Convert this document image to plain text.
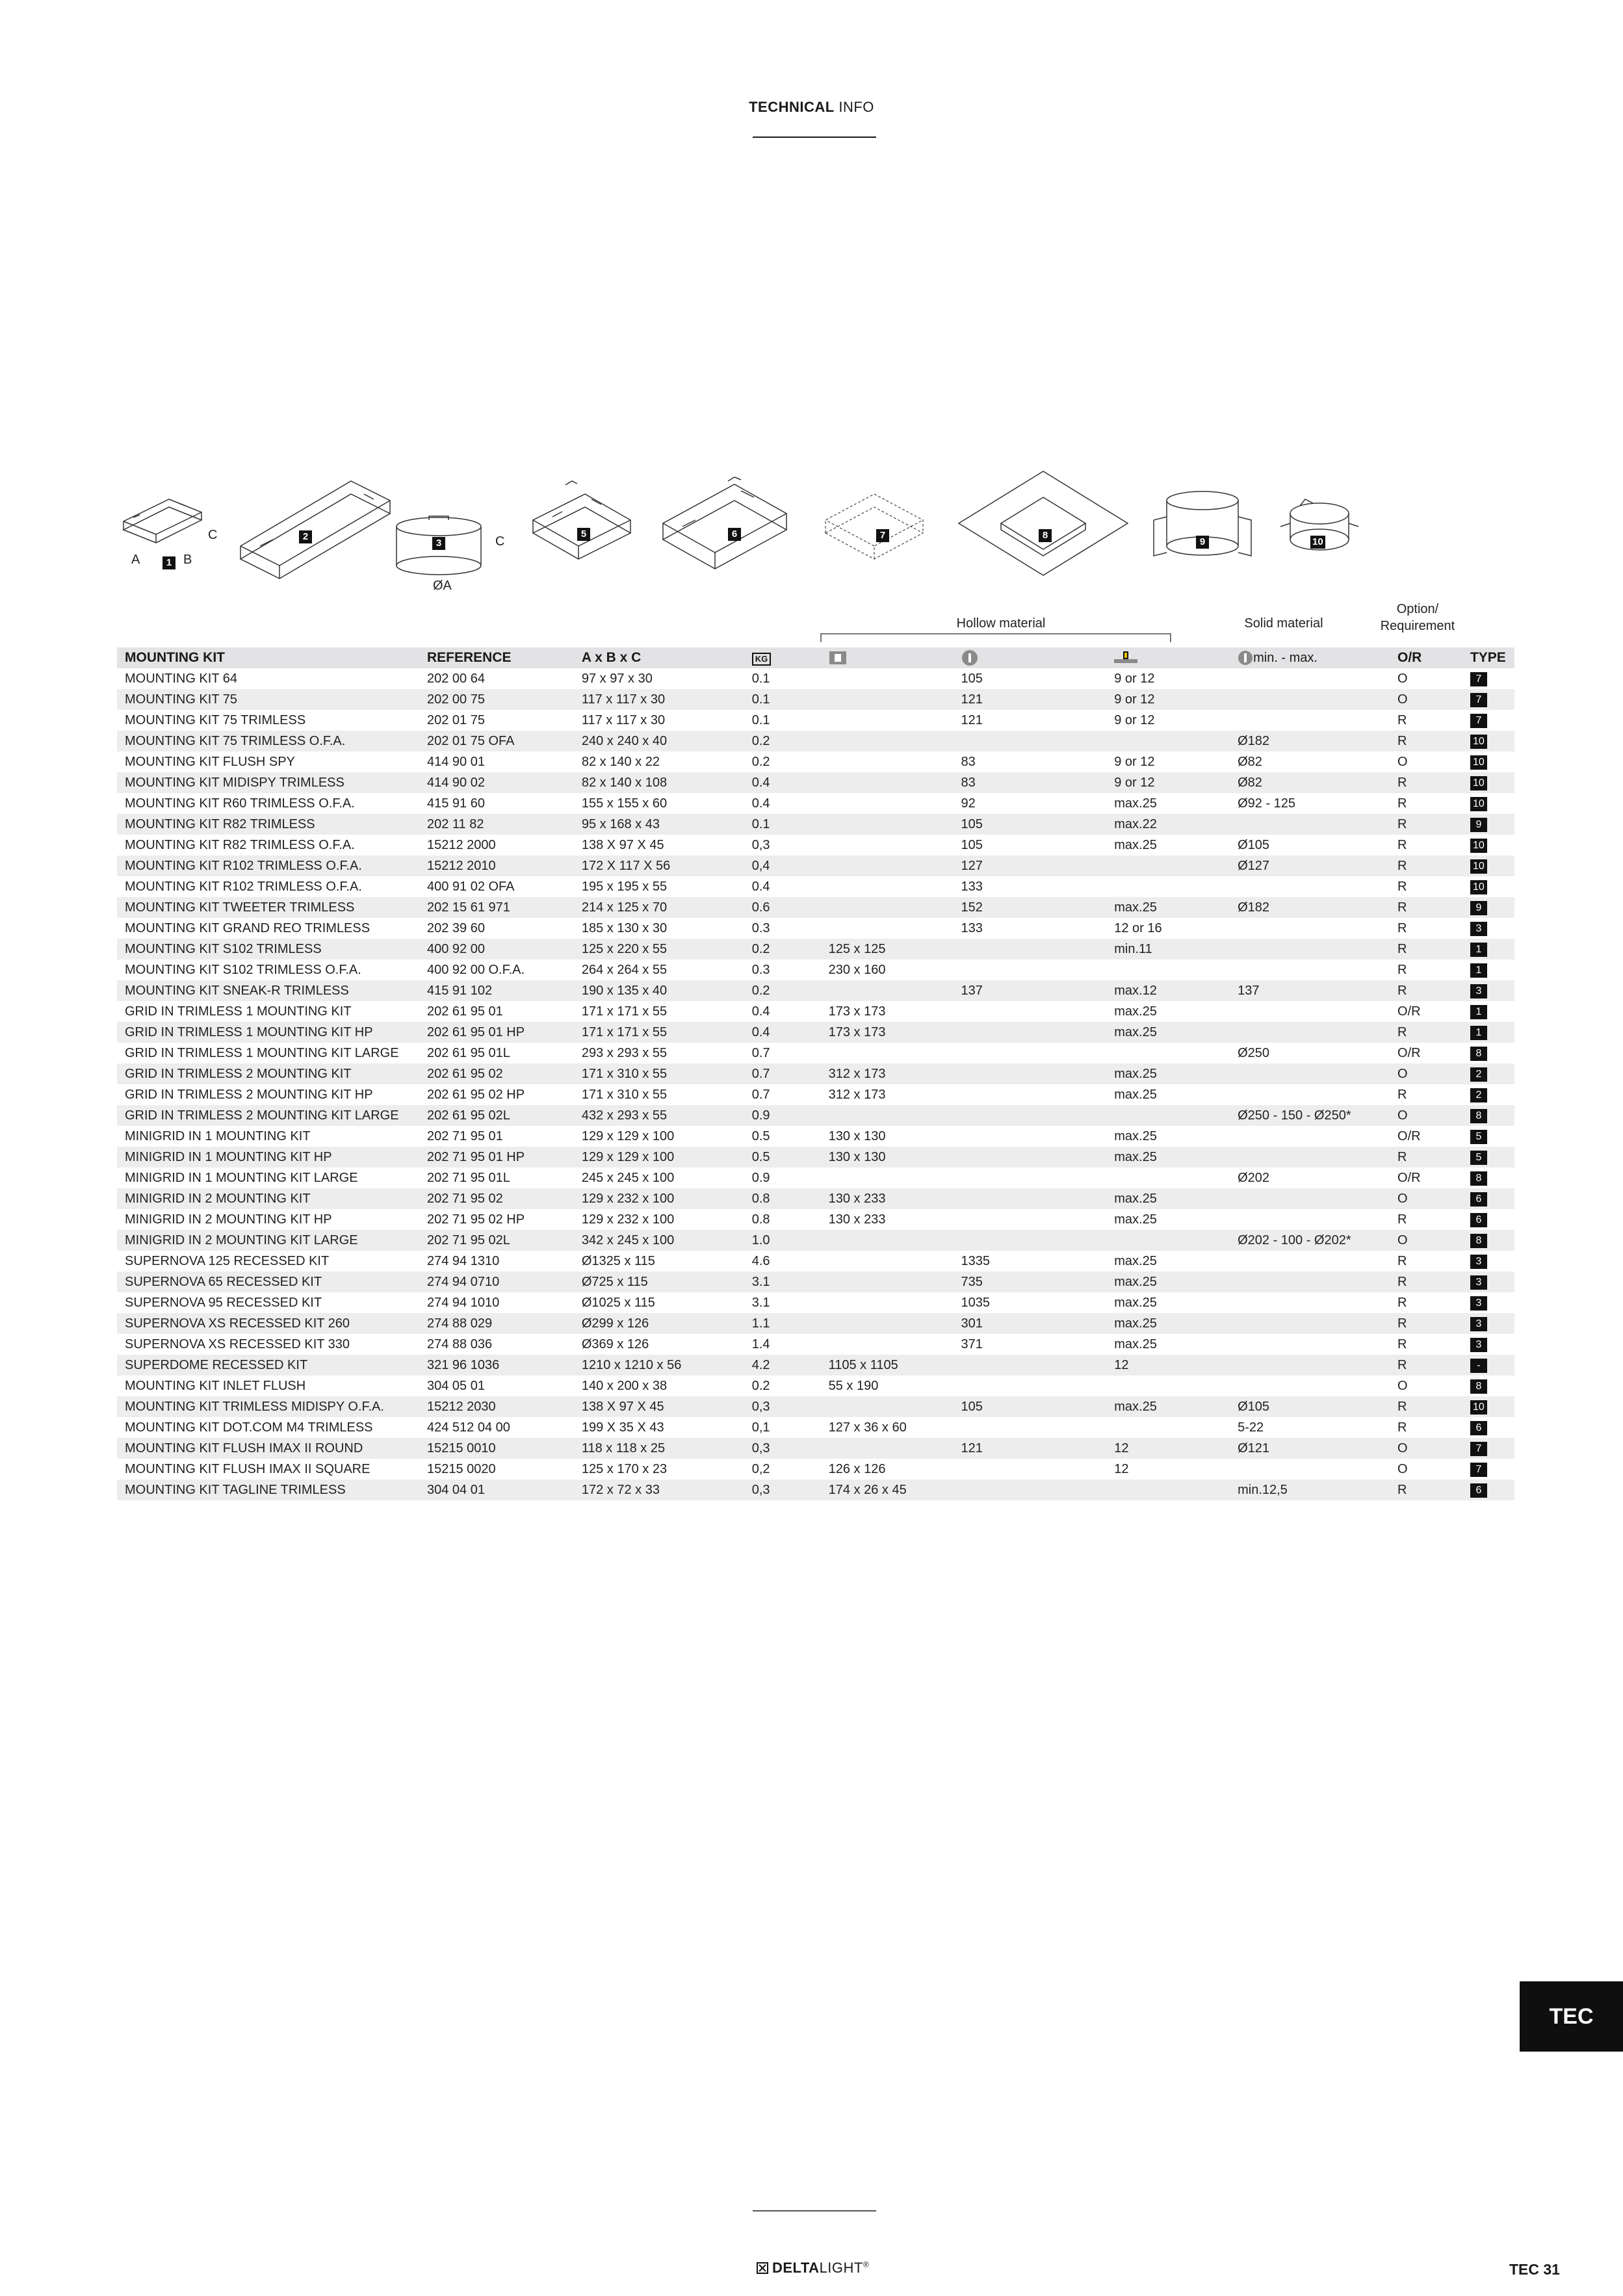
TECHNICAL INFO
1
C
A	B
2
3	C
ØA
5	6	7	8
9	10
Hollow material	Solid material
Option/
Requirement
MOUNTING KIT	REFERENCE	A x B x C	KG				min. - max.	O/R	TYPE
MOUNTING KIT 64	202 00 64	97 x 97 x 30	0.1		105	9 or 12		O	7
MOUNTING KIT 75	202 00 75	117 x 117 x 30	0.1		121	9 or 12		O	7
MOUNTING KIT 75 TRIMLESS	202 01 75	117 x 117 x 30	0.1		121	9 or 12		R	7
MOUNTING KIT 75 TRIMLESS O.F.A.	202 01 75 OFA	240 x 240 x 40	0.2				Ø182	R	10
MOUNTING KIT FLUSH SPY	414 90 01	82 x 140 x 22	0.2		83	9 or 12	Ø82	O	10
MOUNTING KIT MIDISPY TRIMLESS	414 90 02	82 x 140 x 108	0.4		83	9 or 12	Ø82	R	10
MOUNTING KIT R60 TRIMLESS O.F.A.	415 91 60	155 x 155 x 60	0.4		92	max.25	Ø92 - 125	R	10
MOUNTING KIT R82 TRIMLESS	202 11 82	95 x 168 x 43	0.1		105	max.22		R	9
MOUNTING KIT R82 TRIMLESS O.F.A.	15212 2000	138 X 97 X 45	0,3		105	max.25	Ø105	R	10
MOUNTING KIT R102 TRIMLESS O.F.A.	15212 2010	172 X 117 X 56	0,4		127		Ø127	R	10
MOUNTING KIT R102 TRIMLESS O.F.A.	400 91 02 OFA	195 x 195 x 55	0.4		133			R	10
MOUNTING KIT TWEETER TRIMLESS	202 15 61 971	214 x 125 x 70	0.6		152	max.25	Ø182	R	9
MOUNTING KIT GRAND REO TRIMLESS	202 39 60	185 x 130 x 30	0.3		133	12 or 16		R	3
MOUNTING KIT S102 TRIMLESS	400 92 00	125 x 220 x 55	0.2	125 x 125		min.11		R	1
MOUNTING KIT S102 TRIMLESS O.F.A.	400 92 00 O.F.A.	264 x 264 x 55	0.3	230 x 160				R	1
MOUNTING KIT SNEAK-R TRIMLESS	415 91 102	190 x 135 x 40	0.2		137	max.12	137	R	3
GRID IN TRIMLESS 1 MOUNTING KIT	202 61 95 01	171 x 171 x 55	0.4	173 x 173		max.25		O/R	1
GRID IN TRIMLESS 1 MOUNTING KIT HP	202 61 95 01 HP	171 x 171 x 55	0.4	173 x 173		max.25		R	1
GRID IN TRIMLESS 1 MOUNTING KIT LARGE	202 61 95 01L	293 x 293 x 55	0.7				Ø250	O/R	8
GRID IN TRIMLESS 2 MOUNTING KIT	202 61 95 02	171 x 310 x 55	0.7	312 x 173		max.25		O	2
GRID IN TRIMLESS 2 MOUNTING KIT HP	202 61 95 02 HP	171 x 310 x 55	0.7	312 x 173		max.25		R	2
GRID IN TRIMLESS 2 MOUNTING KIT LARGE	202 61 95 02L	432 x 293 x 55	0.9				Ø250 - 150 - Ø250*	O	8
MINIGRID IN 1 MOUNTING KIT	202 71 95 01	129 x 129 x 100	0.5	130 x 130		max.25		O/R	5
MINIGRID IN 1 MOUNTING KIT HP	202 71 95 01 HP	129 x 129 x 100	0.5	130 x 130		max.25		R	5
MINIGRID IN 1 MOUNTING KIT LARGE	202 71 95 01L	245 x 245 x 100	0.9				Ø202	O/R	8
MINIGRID IN 2 MOUNTING KIT	202 71 95 02	129 x 232 x 100	0.8	130 x 233		max.25		O	6
MINIGRID IN 2 MOUNTING KIT HP	202 71 95 02 HP	129 x 232 x 100	0.8	130 x 233		max.25		R	6
MINIGRID IN 2 MOUNTING KIT LARGE	202 71 95 02L	342 x 245 x 100	1.0				Ø202 - 100 - Ø202*	O	8
SUPERNOVA 125 RECESSED KIT	274 94 1310	Ø1325 x 115	4.6		1335	max.25		R	3
SUPERNOVA 65 RECESSED KIT	274 94 0710	Ø725 x 115	3.1		735	max.25		R	3
SUPERNOVA 95 RECESSED KIT	274 94 1010	Ø1025 x 115	3.1		1035	max.25		R	3
SUPERNOVA XS RECESSED KIT 260	274 88 029	Ø299 x 126	1.1		301	max.25		R	3
SUPERNOVA XS RECESSED KIT 330	274 88 036	Ø369 x 126	1.4		371	max.25		R	3
SUPERDOME RECESSED KIT	321 96 1036	1210 x 1210 x 56	4.2	1105 x 1105		12		R	-
MOUNTING KIT INLET FLUSH	304 05 01	140 x 200 x 38	0.2	55 x 190				O	8
MOUNTING KIT TRIMLESS MIDISPY O.F.A.	15212 2030	138 X 97 X 45	0,3		105	max.25	Ø105	R	10
MOUNTING KIT DOT.COM M4 TRIMLESS	424 512 04 00	199 X 35 X 43	0,1	127 x 36 x 60			5-22	R	6
MOUNTING KIT FLUSH IMAX II ROUND	15215 0010	118 x 118 x 25	0,3		121	12	Ø121	O	7
MOUNTING KIT FLUSH IMAX II SQUARE	15215 0020	125 x 170 x 23	0,2	126 x 126		12		O	7
MOUNTING KIT TAGLINE TRIMLESS	304 04 01	172 x 72 x 33	0,3	174 x 26 x 45			min.12,5	R	6
TEC
DELTALIGHT®	TEC 31
